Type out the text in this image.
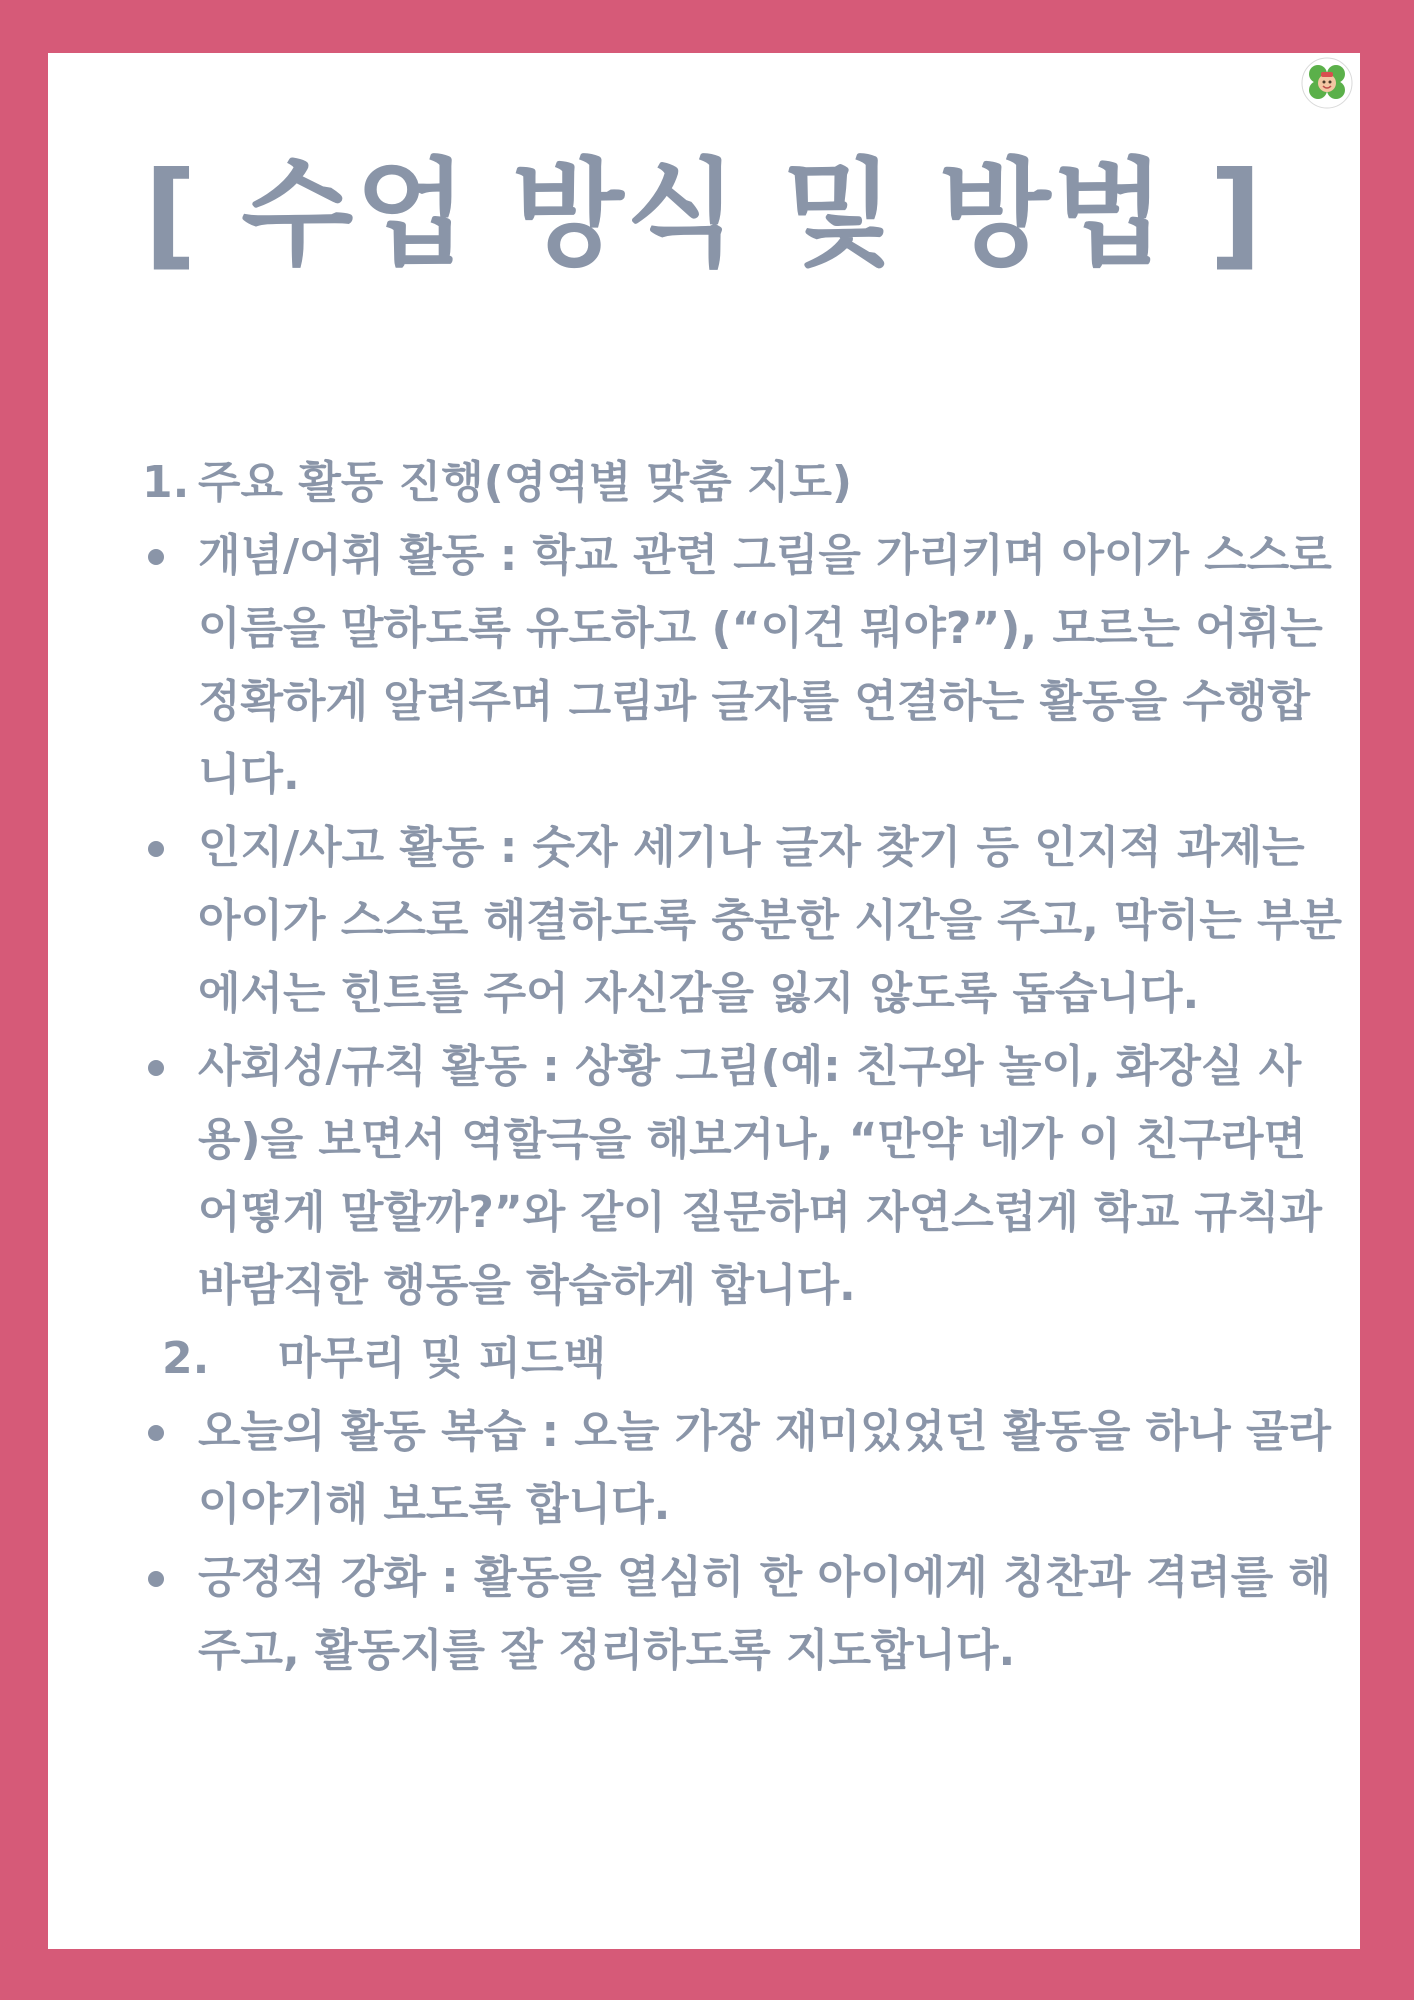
[ 수업 방식 및 방법 ]
1. 주요 활동 진행(영역별 맞춤 지도)
개념/어휘 활동 : 학교 관련 그림을 가리키며 아이가 스스로 이름을 말하도록 유도하고 (“이건 뭐야?”), 모르는 어휘는 정확하게 알려주며 그림과 글자를 연결하는 활동을 수행합니다.
인지/사고 활동 : 숫자 세기나 글자 찾기 등 인지적 과제는 아이가 스스로 해결하도록 충분한 시간을 주고, 막히는 부분에서는 힌트를 주어 자신감을 잃지 않도록 돕습니다.
사회성/규칙 활동 : 상황 그림(예: 친구와 놀이, 화장실 사용)을 보면서 역할극을 해보거나, “만약 네가 이 친구라면 어떻게 말할까?”와 같이 질문하며 자연스럽게 학교 규칙과 바람직한 행동을 학습하게 합니다.
2. 마무리 및 피드백
오늘의 활동 복습 : 오늘 가장 재미있었던 활동을 하나 골라 이야기해 보도록 합니다.
긍정적 강화 : 활동을 열심히 한 아이에게 칭찬과 격려를 해주고, 활동지를 잘 정리하도록 지도합니다.
